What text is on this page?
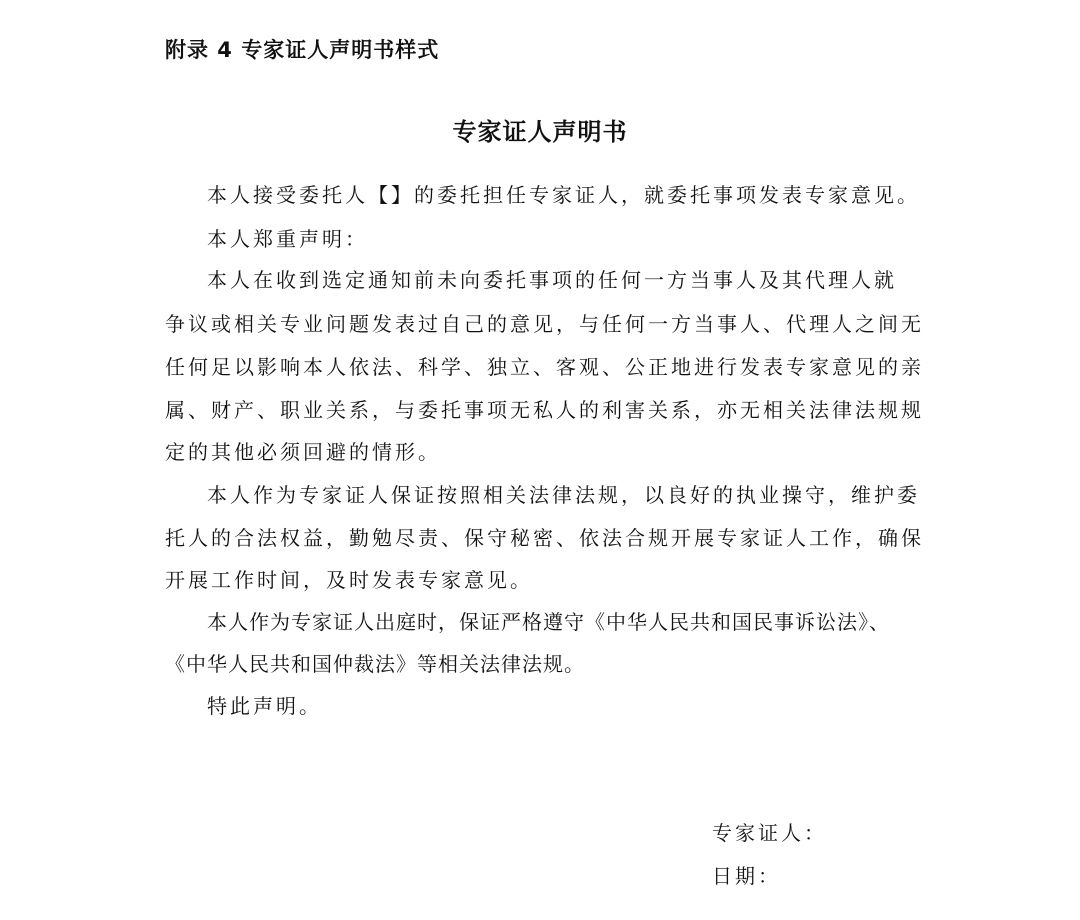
附录 4 专家证人声明书样式
专家证人声明书
本人接受委托人【】的委托担任专家证人，就委托事项发表专家意见。
本人郑重声明：
本人在收到选定通知前未向委托事项的任何一方当事人及其代理人就
争议或相关专业问题发表过自己的意见，与任何一方当事人、代理人之间无
任何足以影响本人依法、科学、独立、客观、公正地进行发表专家意见的亲
属、财产、职业关系，与委托事项无私人的利害关系，亦无相关法律法规规
定的其他必须回避的情形。
本人作为专家证人保证按照相关法律法规，以良好的执业操守，维护委
托人的合法权益，勤勉尽责、保守秘密、依法合规开展专家证人工作，确保
开展工作时间，及时发表专家意见。
本人作为专家证人出庭时，保证严格遵守《中华人民共和国民事诉讼法》、
《中华人民共和国仲裁法》等相关法律法规。
特此声明。
专家证人：
日期：
